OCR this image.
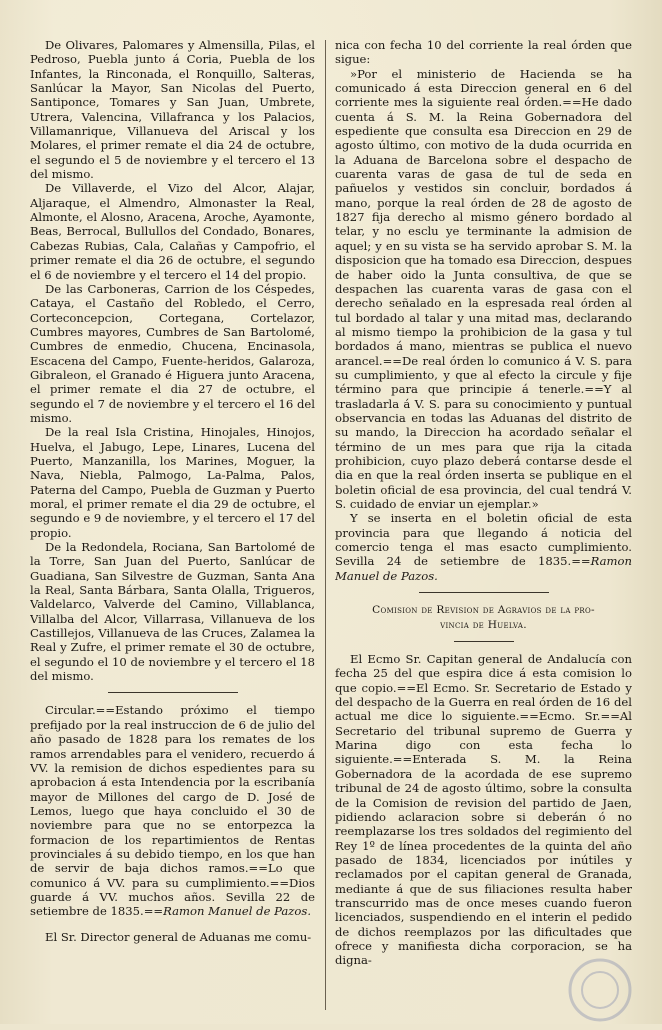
De Olivares, Palomares y Almensilla, Pilas, el Pedroso, Puebla junto á Coria, Puebla de los Infantes, la Rinconada, el Ronquillo, Salteras, Sanlúcar la Mayor, San Nicolas del Puerto, Santiponce, Tomares y San Juan, Umbrete, Utrera, Valencina, Villafranca y los Palacios, Villamanrique, Villanueva del Ariscal y los Molares, el primer remate el dia 24 de octubre, el segundo el 5 de noviembre y el tercero el 13 del mismo.

De Villaverde, el Vizo del Alcor, Alajar, Aljaraque, el Almendro, Almonaster la Real, Almonte, el Alosno, Aracena, Aroche, Ayamonte, Beas, Berrocal, Bullullos del Condado, Bonares, Cabezas Rubias, Cala, Calañas y Campofrio, el primer remate el dia 26 de octubre, el segundo el 6 de noviembre y el tercero el 14 del propio.

De las Carboneras, Carrion de los Céspedes, Cataya, el Castaño del Robledo, el Cerro, Corteconcepcion, Cortegana, Cortelazor, Cumbres mayores, Cumbres de San Bartolomé, Cumbres de enmedio, Chucena, Encinasola, Escacena del Campo, Fuente-heridos, Galaroza, Gibraleon, el Granado é Higuera junto Aracena, el primer remate el dia 27 de octubre, el segundo el 7 de noviembre y el tercero el 16 del mismo.

De la real Isla Cristina, Hinojales, Hinojos, Huelva, el Jabugo, Lepe, Linares, Lucena del Puerto, Manzanilla, los Marines, Moguer, la Nava, Niebla, Palmogo, La-Palma, Palos, Paterna del Campo, Puebla de Guzman y Puerto moral, el primer remate el dia 29 de octubre, el segundo e 9 de noviembre, y el tercero el 17 del propio.

De la Redondela, Rociana, San Bartolomé de la Torre, San Juan del Puerto, Sanlúcar de Guadiana, San Silvestre de Guzman, Santa Ana la Real, Santa Bárbara, Santa Olalla, Trigueros, Valdelarco, Valverde del Camino, Villablanca, Villalba del Alcor, Villarrasa, Villanueva de los Castillejos, Villanueva de las Cruces, Zalamea la Real y Zufre, el primer remate el 30 de octubre, el segundo el 10 de noviembre y el tercero el 18 del mismo.

Circular.==Estando próximo el tiempo prefijado por la real instruccion de 6 de julio del año pasado de 1828 para los remates de los ramos arrendables para el venidero, recuerdo á VV. la remision de dichos espedientes para su aprobacion á esta Intendencia por la escribanía mayor de Millones del cargo de D. José de Lemos, luego que haya concluido el 30 de noviembre para que no se entorpezca la formacion de los repartimientos de Rentas provinciales á su debido tiempo, en los que han de servir de baja dichos ramos.==Lo que comunico á VV. para su cumplimiento.==Dios guarde á VV. muchos años. Sevilla 22 de setiembre de 1835.==Ramon Manuel de Pazos.

El Sr. Director general de Aduanas me comu-

nica con fecha 10 del corriente la real órden que sigue:

»Por el ministerio de Hacienda se ha comunicado á esta Direccion general en 6 del corriente mes la siguiente real órden.==He dado cuenta á S. M. la Reina Gobernadora del espediente que consulta esa Direccion en 29 de agosto último, con motivo de la duda ocurrida en la Aduana de Barcelona sobre el despacho de cuarenta varas de gasa de tul de seda en pañuelos y vestidos sin concluir, bordados á mano, porque la real órden de 28 de agosto de 1827 fija derecho al mismo género bordado al telar, y no esclu ye terminante la admision de aquel; y en su vista se ha servido aprobar S. M. la disposicion que ha tomado esa Direccion, despues de haber oido la Junta consultiva, de que se despachen las cuarenta varas de gasa con el derecho señalado en la espresada real órden al tul bordado al talar y una mitad mas, declarando al mismo tiempo la prohibicion de la gasa y tul bordados á mano, mientras se publica el nuevo arancel.==De real órden lo comunico á V. S. para su cumplimiento, y que al efecto la circule y fije término para que principie á tenerle.==Y al trasladarla á V. S. para su conocimiento y puntual observancia en todas las Aduanas del distrito de su mando, la Direccion ha acordado señalar el término de un mes para que rija la citada prohibicion, cuyo plazo deberá contarse desde el dia en que la real órden inserta se publique en el boletin oficial de esa provincia, del cual tendrá V. S. cuidado de enviar un ejemplar.»

Y se inserta en el boletin oficial de esta provincia para que llegando á noticia del comercio tenga el mas esacto cumplimiento. Sevilla 24 de setiembre de 1835.==Ramon Manuel de Pazos.

Comision de Revision de Agravios de la pro-
vincia de Huelva.

El Ecmo Sr. Capitan general de Andalucía con fecha 25 del que espira dice á esta comision lo que copio.==El Ecmo. Sr. Secretario de Estado y del despacho de la Guerra en real órden de 16 del actual me dice lo siguiente.==Ecmo. Sr.==Al Secretario del tribunal supremo de Guerra y Marina digo con esta fecha lo siguiente.==Enterada S. M. la Reina Gobernadora de la acordada de ese supremo tribunal de 24 de agosto último, sobre la consulta de la Comision de revision del partido de Jaen, pidiendo aclaracion sobre si deberán ó no reemplazarse los tres soldados del regimiento del Rey 1º de línea procedentes de la quinta del año pasado de 1834, licenciados por inútiles y reclamados por el capitan general de Granada, mediante á que de sus filiaciones resulta haber transcurrido mas de once meses cuando fueron licenciados, suspendiendo en el interin el pedido de dichos reemplazos por las dificultades que ofrece y manifiesta dicha corporacion, se ha digna-
